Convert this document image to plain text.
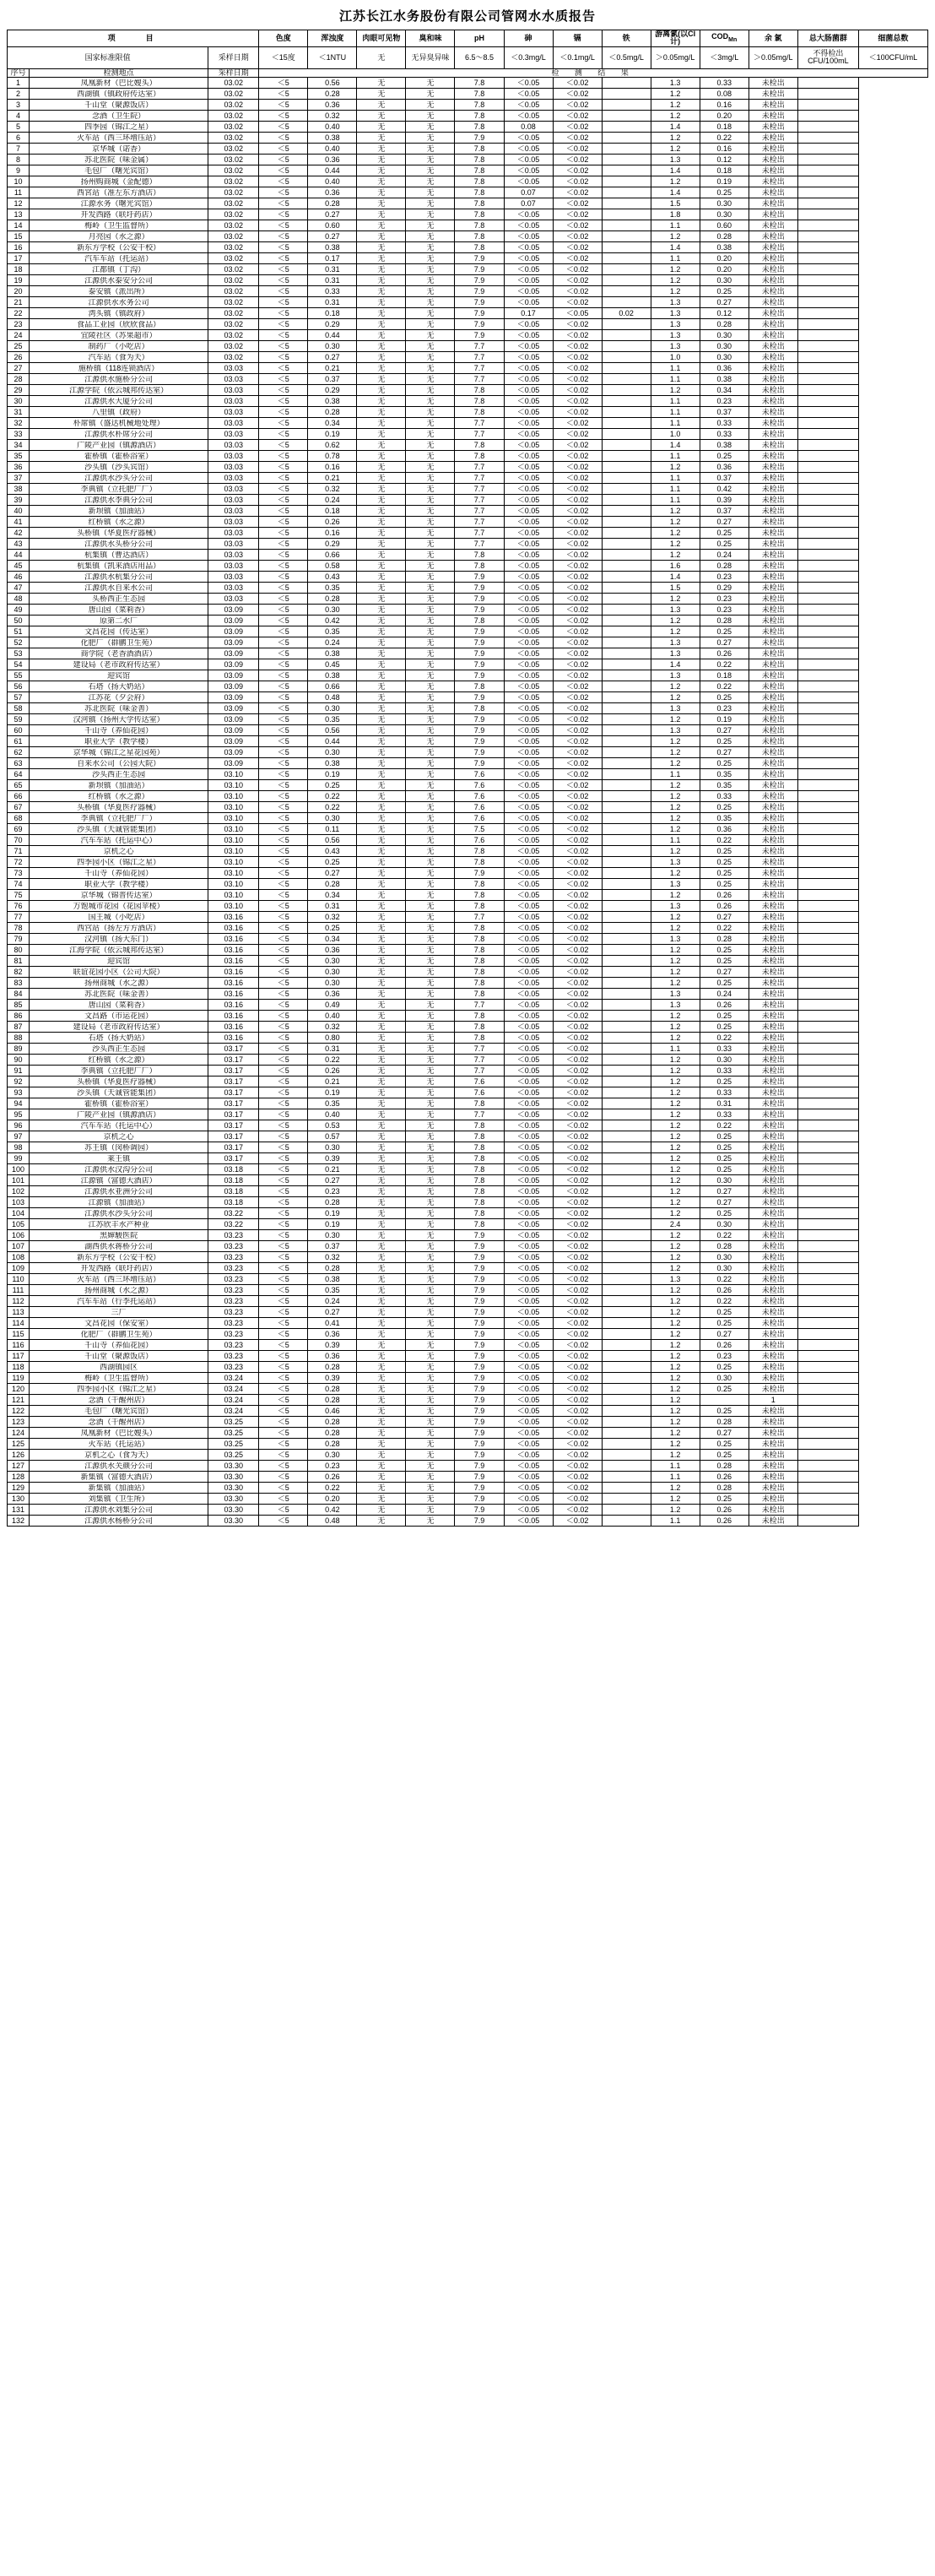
江苏长江水务股份有限公司管网水水质报告
项　　目			色度	浑浊度	肉眼可见物	臭和味	pH	砷	镉	铁	游离氯(以Cl计)	$COD_{Mn}$	余 氯	总大肠菌群	细菌总数
国家标准限值		采样日期	＜15度	＜1NTU	无	无异臭异味	6.5～8.5	＜0.3mg/L	＜0.1mg/L	＜0.5mg/L	＞0.05mg/L	＜3mg/L	＞0.05mg/L	不得检出 CFU/100mL	＜100CFU/mL
序号	检测地点	采样日期	检 测 结 果												
1	凤凰新材（巴比嫂头）	03.02	＜5	0.56	无	无	7.8	＜0.05	＜0.02		1.3	0.33	未检出		
2	西湖镇（镇政府传达室）	03.02	＜5	0.28	无	无	7.8	＜0.05	＜0.02		1.2	0.08	未检出		
3	千山堂（聚源饭店）	03.02	＜5	0.36	无	无	7.8	＜0.05	＜0.02		1.2	0.16	未检出		
4	念酒（卫生院）	03.02	＜5	0.32	无	无	7.8	＜0.05	＜0.02		1.2	0.20	未检出		
5	四季园（锦江之星）	03.02	＜5	0.40	无	无	7.8	0.08	＜0.02		1.4	0.18	未检出		
6	火车站（西三环增压站）	03.02	＜5	0.38	无	无	7.9	＜0.05	＜0.02		1.2	0.22	未检出		
7	京华城（诺香）	03.02	＜5	0.40	无	无	7.8	＜0.05	＜0.02		1.2	0.16	未检出		
8	苏北医院（味金属）	03.02	＜5	0.36	无	无	7.8	＜0.05	＜0.02		1.3	0.12	未检出		
9	毛包厂（曙光宾馆）	03.02	＜5	0.44	无	无	7.8	＜0.05	＜0.02		1.4	0.18	未检出		
10	扬州购商城（金配德）	03.02	＜5	0.40	无	无	7.8	＜0.05	＜0.02		1.2	0.19	未检出		
11	西宮站（准左东方酒店）	03.02	＜5	0.36	无	无	7.8	0.07	＜0.02		1.4	0.25	未检出		
12	江源水务（曙光宾馆）	03.02	＜5	0.28	无	无	7.8	0.07	＜0.02		1.5	0.30	未检出		
13	开发西路（联圩药店）	03.02	＜5	0.27	无	无	7.8	＜0.05	＜0.02		1.8	0.30	未检出		
14	梅岭（卫生监督所）	03.02	＜5	0.60	无	无	7.8	＜0.05	＜0.02		1.1	0.60	未检出		
15	月亮园（水之源）	03.02	＜5	0.27	无	无	7.8	＜0.05	＜0.02		1.2	0.28	未检出		
16	新东方学校（公安干校）	03.02	＜5	0.38	无	无	7.8	＜0.05	＜0.02		1.4	0.38	未检出		
17	汽车车站（托运站）	03.02	＜5	0.17	无	无	7.9	＜0.05	＜0.02		1.1	0.20	未检出		
18	江都镇（丁沟）	03.02	＜5	0.31	无	无	7.9	＜0.05	＜0.02		1.2	0.20	未检出		
19	江源供水泰安分公司	03.02	＜5	0.31	无	无	7.9	＜0.05	＜0.02		1.2	0.30	未检出		
20	泰安镇（派出所）	03.02	＜5	0.33	无	无	7.9	＜0.05	＜0.02		1.2	0.25	未检出		
21	江源供水水务公司	03.02	＜5	0.31	无	无	7.9	＜0.05	＜0.02		1.3	0.27	未检出		
22	湾头镇（镇政府）	03.02	＜5	0.18	无	无	7.9	0.17	＜0.05	0.02	1.3	0.12	未检出		
23	食品工业园（欣欣食品）	03.02	＜5	0.29	无	无	7.9	＜0.05	＜0.02		1.3	0.28	未检出		
24	宜陵社区（苏果超市）	03.02	＜5	0.44	无	无	7.9	＜0.05	＜0.02		1.3	0.30	未检出		
25	制药厂（小吃店）	03.02	＜5	0.30	无	无	7.7	＜0.05	＜0.02		1.3	0.30	未检出		
26	汽车站（食为天）	03.02	＜5	0.27	无	无	7.7	＜0.05	＜0.02		1.0	0.30	未检出		
27	施桥镇（118连锁酒店）	03.03	＜5	0.21	无	无	7.7	＜0.05	＜0.02		1.1	0.36	未检出		
28	江源供水施桥分公司	03.03	＜5	0.37	无	无	7.7	＜0.05	＜0.02		1.1	0.38	未检出		
29	江源学院（依云城邦传达室）	03.03	＜5	0.29	无	无	7.8	＜0.05	＜0.02		1.2	0.34	未检出		
30	江源供水大厦分公司	03.03	＜5	0.38	无	无	7.8	＜0.05	＜0.02		1.1	0.23	未检出		
31	八里镇（政府）	03.03	＜5	0.28	无	无	7.8	＜0.05	＜0.02		1.1	0.37	未检出		
32	朴席镇（盛达机械地处理）	03.03	＜5	0.34	无	无	7.7	＜0.05	＜0.02		1.1	0.33	未检出		
33	江源供水朴席分公司	03.03	＜5	0.19	无	无	7.7	＜0.05	＜0.02		1.0	0.33	未检出		
34	广陵产业园（镇源酒店）	03.03	＜5	0.62	无	无	7.8	＜0.05	＜0.02		1.4	0.38	未检出		
35	霍桥镇（霍桥浴室）	03.03	＜5	0.78	无	无	7.8	＜0.05	＜0.02		1.1	0.25	未检出		
36	沙头镇（沙头宾馆）	03.03	＜5	0.16	无	无	7.7	＜0.05	＜0.02		1.2	0.36	未检出		
37	江源供水沙头分公司	03.03	＜5	0.21	无	无	7.7	＜0.05	＜0.02		1.1	0.37	未检出		
38	李典镇（立托肥厂厂）	03.03	＜5	0.32	无	无	7.7	＜0.05	＜0.02		1.1	0.42	未检出		
39	江源供水李典分公司	03.03	＜5	0.24	无	无	7.7	＜0.05	＜0.02		1.1	0.39	未检出		
40	新坝镇（加油站）	03.03	＜5	0.18	无	无	7.7	＜0.05	＜0.02		1.2	0.37	未检出		
41	红桥镇（水之源）	03.03	＜5	0.26	无	无	7.7	＜0.05	＜0.02		1.2	0.27	未检出		
42	头桥镇（华夏医疗器械）	03.03	＜5	0.16	无	无	7.7	＜0.05	＜0.02		1.2	0.25	未检出		
43	江源供水头桥分公司	03.03	＜5	0.29	无	无	7.7	＜0.05	＜0.02		1.2	0.25	未检出		
44	杭集镇（曹达酒店）	03.03	＜5	0.66	无	无	7.8	＜0.05	＜0.02		1.2	0.24	未检出		
45	杭集镇（凯来酒店用品）	03.03	＜5	0.58	无	无	7.8	＜0.05	＜0.02		1.6	0.28	未检出		
46	江源供水杭集分公司	03.03	＜5	0.43	无	无	7.9	＜0.05	＜0.02		1.4	0.23	未检出		
47	江源供水自来水公司	03.03	＜5	0.35	无	无	7.9	＜0.05	＜0.02		1.5	0.29	未检出		
48	头桥西正生态园	03.03	＜5	0.28	无	无	7.9	＜0.05	＜0.02		1.2	0.23	未检出		
49	唐山园（菜莉香）	03.09	＜5	0.30	无	无	7.9	＜0.05	＜0.02		1.3	0.23	未检出		
50	原第二水厂	03.09	＜5	0.42	无	无	7.8	＜0.05	＜0.02		1.2	0.28	未检出		
51	文昌花园（传达室）	03.09	＜5	0.35	无	无	7.9	＜0.05	＜0.02		1.2	0.25	未检出		
52	化肥厂（群鹏卫生苑）	03.09	＜5	0.24	无	无	7.9	＜0.05	＜0.02		1.3	0.27	未检出		
53	商学院（老香酒酒店）	03.09	＜5	0.38	无	无	7.9	＜0.05	＜0.02		1.3	0.26	未检出		
54	建设局（老市政府传达室）	03.09	＜5	0.45	无	无	7.9	＜0.05	＜0.02		1.4	0.22	未检出		
55	迎宾馆	03.09	＜5	0.38	无	无	7.9	＜0.05	＜0.02		1.3	0.18	未检出		
56	石塔（扬大奶站）	03.09	＜5	0.66	无	无	7.8	＜0.05	＜0.02		1.2	0.22	未检出		
57	江苏花（夕会府）	03.09	＜5	0.48	无	无	7.9	＜0.05	＜0.02		1.2	0.25	未检出		
58	苏北医院（味金善）	03.09	＜5	0.30	无	无	7.8	＜0.05	＜0.02		1.3	0.23	未检出		
59	汉河镇（扬州大学传达室）	03.09	＜5	0.35	无	无	7.9	＜0.05	＜0.02		1.2	0.19	未检出		
60	千山寺（养仙花园）	03.09	＜5	0.56	无	无	7.9	＜0.05	＜0.02		1.3	0.27	未检出		
61	职业大学（教学楼）	03.09	＜5	0.44	无	无	7.9	＜0.05	＜0.02		1.2	0.25	未检出		
62	京华城（锦江之星花园苑）	03.09	＜5	0.30	无	无	7.9	＜0.05	＜0.02		1.2	0.27	未检出		
63	自来水公司（公园大院）	03.09	＜5	0.38	无	无	7.9	＜0.05	＜0.02		1.2	0.25	未检出		
64	沙头西正生态园	03.10	＜5	0.19	无	无	7.6	＜0.05	＜0.02		1.1	0.35	未检出		
65	新坝镇（加油站）	03.10	＜5	0.25	无	无	7.6	＜0.05	＜0.02		1.2	0.35	未检出		
66	红桥镇（水之源）	03.10	＜5	0.22	无	无	7.6	＜0.05	＜0.02		1.2	0.33	未检出		
67	头桥镇（华夏医疗器械）	03.10	＜5	0.22	无	无	7.6	＜0.05	＜0.02		1.2	0.25	未检出		
68	李典镇（立托肥厂厂）	03.10	＜5	0.30	无	无	7.6	＜0.05	＜0.02		1.2	0.35	未检出		
69	沙头镇（天诚管能集团）	03.10	＜5	0.11	无	无	7.5	＜0.05	＜0.02		1.2	0.36	未检出		
70	汽车车站（托运中心）	03.10	＜5	0.56	无	无	7.6	＜0.05	＜0.02		1.1	0.22	未检出		
71	京机之心	03.10	＜5	0.43	无	无	7.8	＜0.05	＜0.02		1.2	0.25	未检出		
72	四季园小区（锦江之星）	03.10	＜5	0.25	无	无	7.8	＜0.05	＜0.02		1.3	0.25	未检出		
73	千山寺（养仙花园）	03.10	＜5	0.27	无	无	7.9	＜0.05	＜0.02		1.2	0.25	未检出		
74	职业大学（教学楼）	03.10	＜5	0.28	无	无	7.8	＜0.05	＜0.02		1.3	0.25	未检出		
75	京华城（锦普传达室）	03.10	＜5	0.34	无	无	7.8	＜0.05	＜0.02		1.2	0.26	未检出		
76	万饱城市花园（花园苹棱）	03.10	＜5	0.31	无	无	7.8	＜0.05	＜0.02		1.3	0.26	未检出		
77	国王城（小吃店）	03.16	＜5	0.32	无	无	7.7	＜0.05	＜0.02		1.2	0.27	未检出		
78	西宫站（扬左方方酒店）	03.16	＜5	0.25	无	无	7.8	＜0.05	＜0.02		1.2	0.22	未检出		
79	汉河镇（扬大东门）	03.16	＜5	0.34	无	无	7.8	＜0.05	＜0.02		1.3	0.28	未检出		
80	江海学院（依云城邦传达室）	03.16	＜5	0.36	无	无	7.8	＜0.05	＜0.02		1.2	0.25	未检出		
81	迎宾馆	03.16	＜5	0.30	无	无	7.8	＜0.05	＜0.02		1.2	0.25	未检出		
82	联谊花园小区（公司大院）	03.16	＜5	0.30	无	无	7.8	＜0.05	＜0.02		1.2	0.27	未检出		
83	扬州商城（水之源）	03.16	＜5	0.30	无	无	7.8	＜0.05	＜0.02		1.2	0.25	未检出		
84	苏北医院（味金善）	03.16	＜5	0.36	无	无	7.8	＜0.05	＜0.02		1.3	0.24	未检出		
85	唐山园（菜莉香）	03.16	＜5	0.49	无	无	7.7	＜0.05	＜0.02		1.3	0.26	未检出		
86	文昌路（市运花园）	03.16	＜5	0.40	无	无	7.8	＜0.05	＜0.02		1.2	0.25	未检出		
87	建设局（老市政府传达室）	03.16	＜5	0.32	无	无	7.8	＜0.05	＜0.02		1.2	0.25	未检出		
88	石塔（扬大奶站）	03.16	＜5	0.80	无	无	7.8	＜0.05	＜0.02		1.2	0.22	未检出		
89	沙头西正生态园	03.17	＜5	0.31	无	无	7.7	＜0.05	＜0.02		1.1	0.33	未检出		
90	红桥镇（水之源）	03.17	＜5	0.22	无	无	7.7	＜0.05	＜0.02		1.2	0.30	未检出		
91	李典镇（立托肥厂厂）	03.17	＜5	0.26	无	无	7.7	＜0.05	＜0.02		1.2	0.33	未检出		
92	头桥镇（华夏医疗器械）	03.17	＜5	0.21	无	无	7.6	＜0.05	＜0.02		1.2	0.25	未检出		
93	沙头镇（天诚管能集团）	03.17	＜5	0.19	无	无	7.6	＜0.05	＜0.02		1.2	0.33	未检出		
94	霍桥镇（霍桥浴室）	03.17	＜5	0.35	无	无	7.8	＜0.05	＜0.02		1.2	0.31	未检出		
95	广陵产业园（镇源酒店）	03.17	＜5	0.40	无	无	7.7	＜0.05	＜0.02		1.2	0.33	未检出		
96	汽车车站（托运中心）	03.17	＜5	0.53	无	无	7.8	＜0.05	＜0.02		1.2	0.22	未检出		
97	京机之心	03.17	＜5	0.57	无	无	7.8	＜0.05	＜0.02		1.2	0.25	未检出		
98	苏王镇（闵桥调园）	03.17	＜5	0.30	无	无	7.8	＜0.05	＜0.02		1.2	0.25	未检出		
99	莱王镇	03.17	＜5	0.39	无	无	7.8	＜0.05	＜0.02		1.2	0.25	未检出		
100	江源供水汉沟分公司	03.18	＜5	0.21	无	无	7.8	＜0.05	＜0.02		1.2	0.25	未检出		
101	江源镇（富德大酒店）	03.18	＜5	0.27	无	无	7.8	＜0.05	＜0.02		1.2	0.30	未检出		
102	江源供水亚洲分公司	03.18	＜5	0.23	无	无	7.8	＜0.05	＜0.02		1.2	0.27	未检出		
103	江源镇（加油站）	03.18	＜5	0.28	无	无	7.8	＜0.05	＜0.02		1.2	0.27	未检出		
104	江源供水沙头分公司	03.22	＜5	0.19	无	无	7.8	＜0.05	＜0.02		1.2	0.25	未检出		
105	江苏欣丰水产种业	03.22	＜5	0.19	无	无	7.8	＜0.05	＜0.02		2.4	0.30	未检出		
106	黑婶駿医院	03.23	＜5	0.30	无	无	7.9	＜0.05	＜0.02		1.2	0.22	未检出		
107	湖西供水蒋桥分公司	03.23	＜5	0.37	无	无	7.9	＜0.05	＜0.02		1.2	0.28	未检出		
108	新东方学校（公安干校）	03.23	＜5	0.32	无	无	7.9	＜0.05	＜0.02		1.2	0.30	未检出		
109	开发西路（联圩药店）	03.23	＜5	0.28	无	无	7.9	＜0.05	＜0.02		1.2	0.30	未检出		
110	火车站（西三环增压站）	03.23	＜5	0.38	无	无	7.9	＜0.05	＜0.02		1.3	0.22	未检出		
111	扬州商城（水之源）	03.23	＜5	0.35	无	无	7.9	＜0.05	＜0.02		1.2	0.26	未检出		
112	汽车车站（行李托运站）	03.23	＜5	0.24	无	无	7.9	＜0.05	＜0.02		1.2	0.22	未检出		
113	三厂	03.23	＜5	0.27	无	无	7.9	＜0.05	＜0.02		1.2	0.25	未检出		
114	文昌花园（保安室）	03.23	＜5	0.41	无	无	7.9	＜0.05	＜0.02		1.2	0.25	未检出		
115	化肥厂（群鹏卫生苑）	03.23	＜5	0.36	无	无	7.9	＜0.05	＜0.02		1.2	0.27	未检出		
116	千山寺（养仙花园）	03.23	＜5	0.39	无	无	7.9	＜0.05	＜0.02		1.2	0.26	未检出		
117	千山堂（聚源饭店）	03.23	＜5	0.36	无	无	7.9	＜0.05	＜0.02		1.2	0.23	未检出		
118	西湖镇园区	03.23	＜5	0.28	无	无	7.9	＜0.05	＜0.02		1.2	0.25	未检出		
119	梅岭（卫生监督所）	03.24	＜5	0.39	无	无	7.9	＜0.05	＜0.02		1.2	0.30	未检出		
120	四季园小区（锦江之星）	03.24	＜5	0.28	无	无	7.9	＜0.05	＜0.02		1.2	0.25	未检出		
121	念酒（干醒州店）	03.24	＜5	0.28	无	无	7.9	＜0.05	＜0.02		1.2		1		
122	毛包厂（曙光宾馆）	03.24	＜5	0.46	无	无	7.9	＜0.05	＜0.02		1.2	0.25	未检出		
123	念酒（干醒州店）	03.25	＜5	0.28	无	无	7.9	＜0.05	＜0.02		1.2	0.28	未检出		
124	凤凰新材（巴比嫂头）	03.25	＜5	0.28	无	无	7.9	＜0.05	＜0.02		1.2	0.27	未检出		
125	火车站（托运站）	03.25	＜5	0.28	无	无	7.9	＜0.05	＜0.02		1.2	0.25	未检出		
126	京机之心（食为天）	03.25	＜5	0.30	无	无	7.9	＜0.05	＜0.02		1.2	0.25	未检出		
127	江源供水关颜分公司	03.30	＜5	0.23	无	无	7.9	＜0.05	＜0.02		1.1	0.28	未检出		
128	新集镇（富德大酒店）	03.30	＜5	0.26	无	无	7.9	＜0.05	＜0.02		1.1	0.26	未检出		
129	新集镇（加油站）	03.30	＜5	0.22	无	无	7.9	＜0.05	＜0.02		1.2	0.28	未检出		
130	刘集镇（卫生所）	03.30	＜5	0.20	无	无	7.9	＜0.05	＜0.02		1.2	0.25	未检出		
131	江源供水刘集分公司	03.30	＜5	0.42	无	无	7.9	＜0.05	＜0.02		1.2	0.26	未检出		
132	江源供水杨桥分公司	03.30	＜5	0.48	无	无	7.9	＜0.05	＜0.02		1.1	0.26	未检出		
